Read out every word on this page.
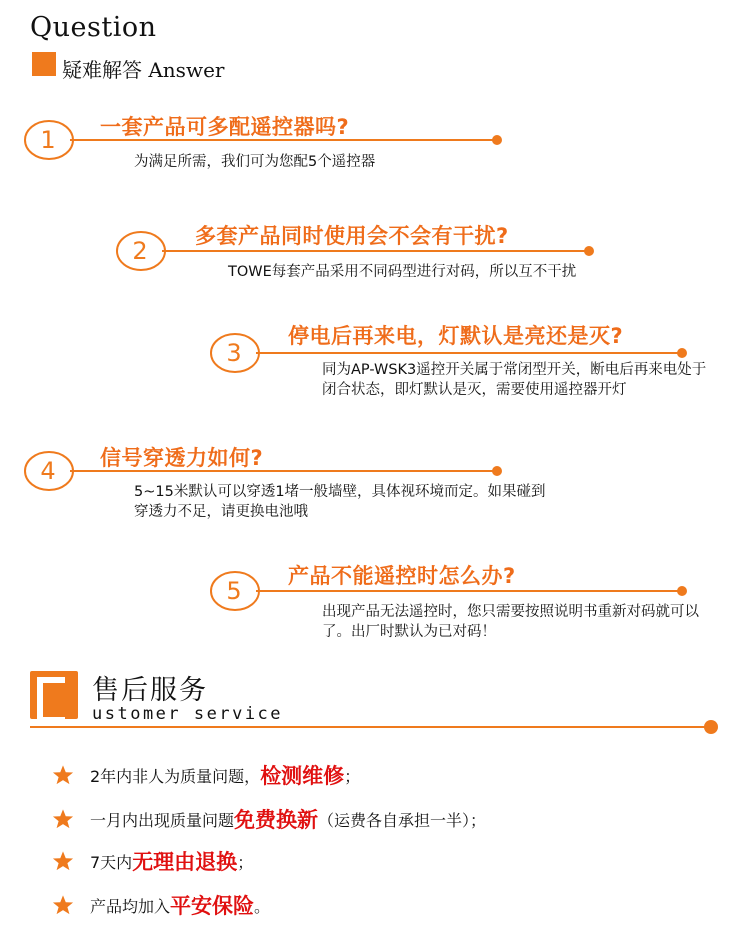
Question
疑难解答 Answer
1 一套产品可多配遥控器吗?
为满足所需，我们可为您配5个遥控器
2
多套产品同时使用会不会有干扰?
TOWE每套产品采用不同码型进行对码，所以互不干扰
3
停电后再来电，灯默认是亮还是灭?
同为AP-WSK3遥控开关属于常闭型开关，断电后再来电处于闭合状态，即灯默认是灭，需要使用遥控器开灯
4 信号穿透力如何?
5~15米默认可以穿透1堵一般墙壁，具体视环境而定。如果碰到穿透力不足，请更换电池哦
5
产品不能遥控时怎么办?
出现产品无法遥控时，您只需要按照说明书重新对码就可以了。出厂时默认为已对码！
售后服务
ustomer service
2年内非人为质量问题， 检测维修 ；
一月内出现质量问题 免费换新 （运费各自承担一半）；
7天内 无理由退换 ；
产品均加入 平安保险 。
